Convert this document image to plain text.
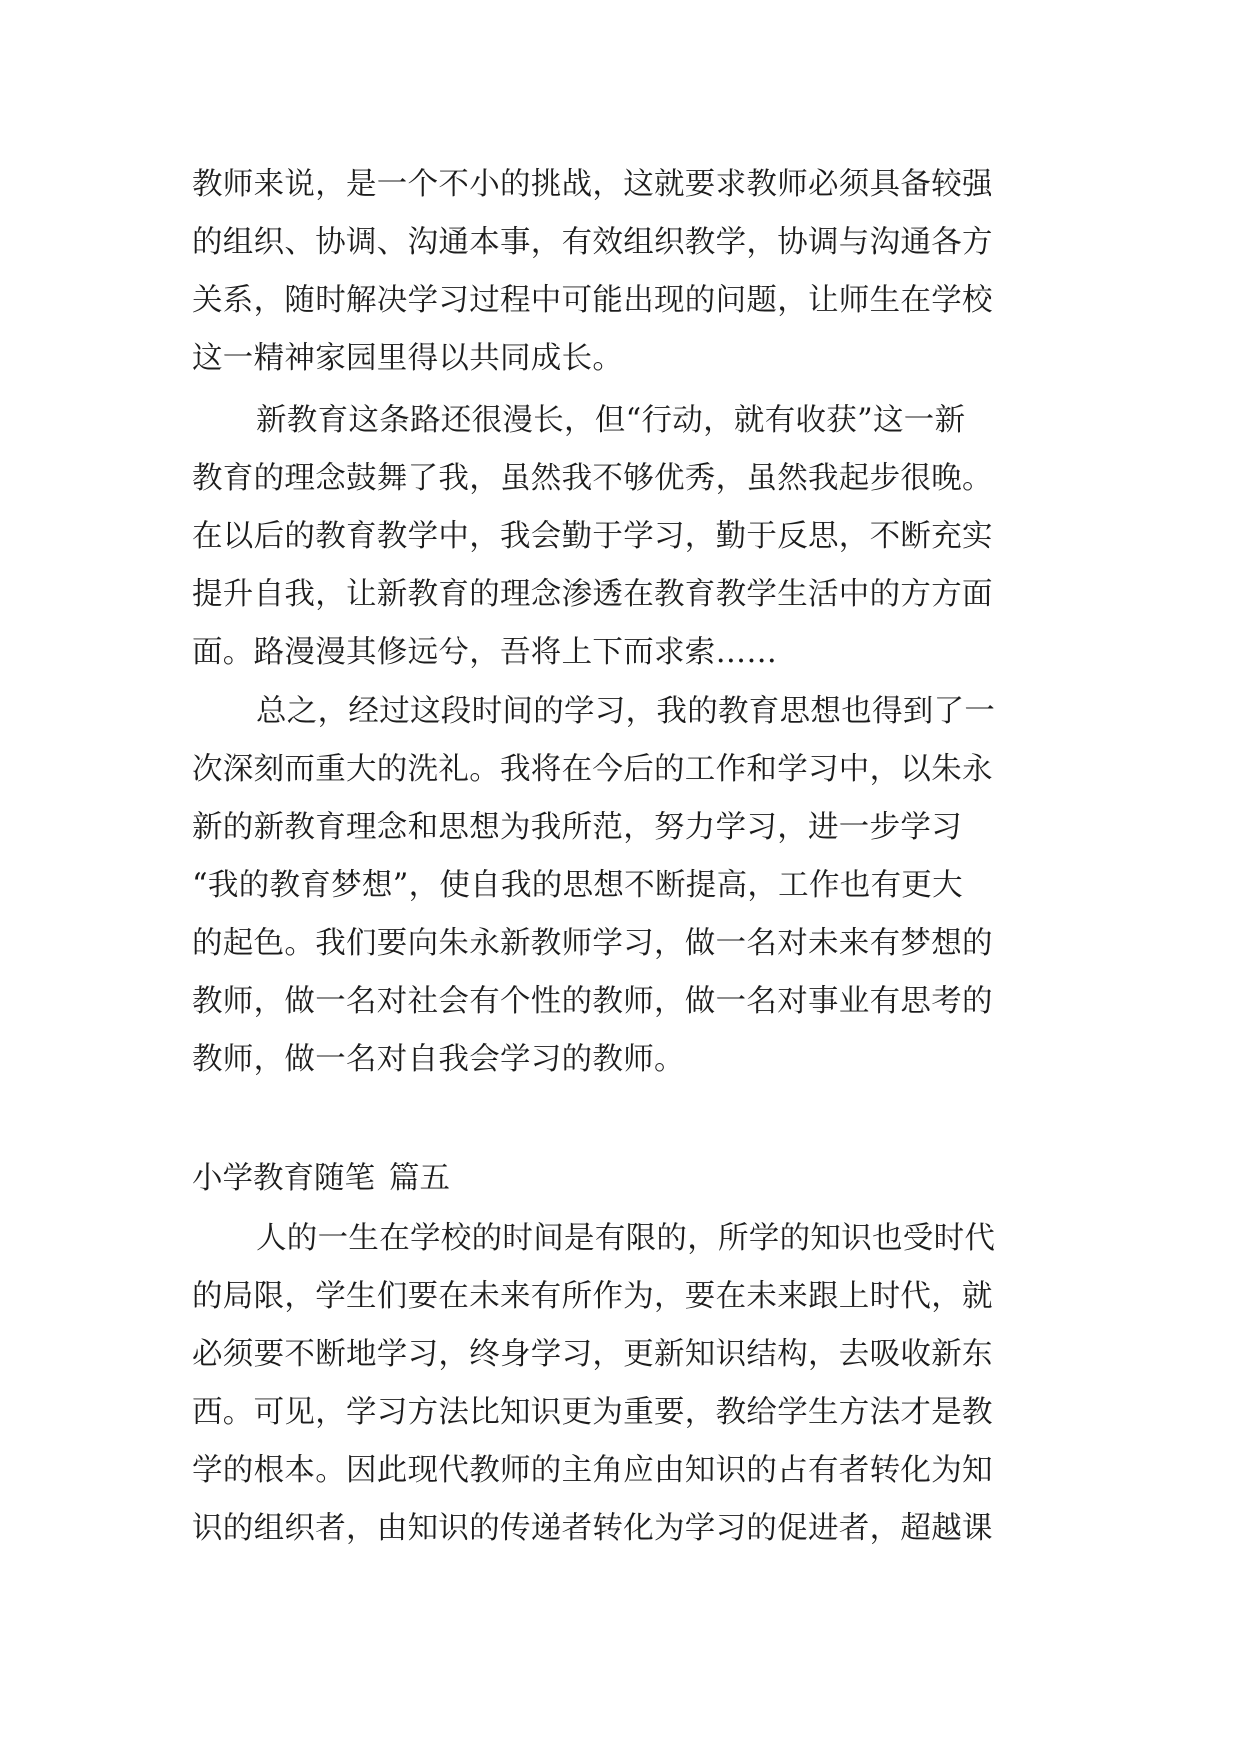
教师来说，是一个不小的挑战，这就要求教师必须具备较强
的组织、协调、沟通本事，有效组织教学，协调与沟通各方
关系，随时解决学习过程中可能出现的问题，让师生在学校
这一精神家园里得以共同成长。
新教育这条路还很漫长，但“行动，就有收获”这一新
教育的理念鼓舞了我，虽然我不够优秀，虽然我起步很晚。
在以后的教育教学中，我会勤于学习，勤于反思，不断充实
提升自我，让新教育的理念渗透在教育教学生活中的方方面
面。路漫漫其修远兮，吾将上下而求索……
总之，经过这段时间的学习，我的教育思想也得到了一
次深刻而重大的洗礼。我将在今后的工作和学习中，以朱永
新的新教育理念和思想为我所范，努力学习，进一步学习
“我的教育梦想”，使自我的思想不断提高，工作也有更大
的起色。我们要向朱永新教师学习，做一名对未来有梦想的
教师，做一名对社会有个性的教师，做一名对事业有思考的
教师，做一名对自我会学习的教师。
小学教育随笔 篇五
人的一生在学校的时间是有限的，所学的知识也受时代
的局限，学生们要在未来有所作为，要在未来跟上时代，就
必须要不断地学习，终身学习，更新知识结构，去吸收新东
西。可见，学习方法比知识更为重要，教给学生方法才是教
学的根本。因此现代教师的主角应由知识的占有者转化为知
识的组织者，由知识的传递者转化为学习的促进者，超越课
